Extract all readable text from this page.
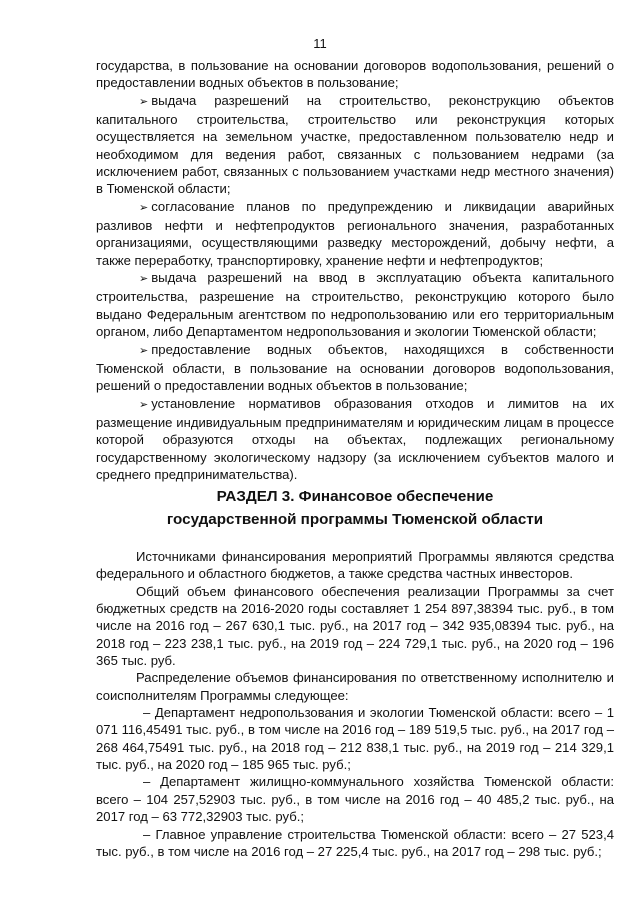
11

государства, в пользование на основании договоров водопользования, решений о предоставлении водных объектов в пользование;

➢ выдача разрешений на строительство, реконструкцию объектов капитального строительства, строительство или реконструкция которых осуществляется на земельном участке, предоставленном пользователю недр и необходимом для ведения работ, связанных с пользованием недрами (за исключением работ, связанных с пользованием участками недр местного значения) в Тюменской области;

➢ согласование планов по предупреждению и ликвидации аварийных разливов нефти и нефтепродуктов регионального значения, разработанных организациями, осуществляющими разведку месторождений, добычу нефти, а также переработку, транспортировку, хранение нефти и нефтепродуктов;

➢ выдача разрешений на ввод в эксплуатацию объекта капитального строительства, разрешение на строительство, реконструкцию которого было выдано Федеральным агентством по недропользованию или его территориальным органом, либо Департаментом недропользования и экологии Тюменской области;

➢ предоставление водных объектов, находящихся в собственности Тюменской области, в пользование на основании договоров водопользования, решений о предоставлении водных объектов в пользование;

➢ установление нормативов образования отходов и лимитов на их размещение индивидуальным предпринимателям и юридическим лицам в процессе которой образуются отходы на объектах, подлежащих региональному государственному экологическому надзору (за исключением субъектов малого и среднего предпринимательства).

РАЗДЕЛ 3. Финансовое обеспечение

государственной программы Тюменской области

Источниками финансирования мероприятий Программы являются средства федерального и областного бюджетов, а также средства частных инвесторов.

Общий объем финансового обеспечения реализации Программы за счет бюджетных средств на 2016-2020 годы составляет 1 254 897,38394 тыс. руб., в том числе на 2016 год – 267 630,1 тыс. руб., на 2017 год – 342 935,08394 тыс. руб., на 2018 год – 223 238,1 тыс. руб., на 2019 год – 224 729,1 тыс. руб., на 2020 год – 196 365 тыс. руб.

Распределение объемов финансирования по ответственному исполнителю и соисполнителям Программы следующее:

– Департамент недропользования и экологии Тюменской области: всего – 1 071 116,45491 тыс. руб., в том числе на 2016 год – 189 519,5 тыс. руб., на 2017 год – 268 464,75491 тыс. руб., на 2018 год – 212 838,1 тыс. руб., на 2019 год – 214 329,1 тыс. руб., на 2020 год – 185 965 тыс. руб.;

– Департамент жилищно-коммунального хозяйства Тюменской области: всего – 104 257,52903 тыс. руб., в том числе на 2016 год – 40 485,2 тыс. руб., на 2017 год – 63 772,32903 тыс. руб.;

– Главное управление строительства Тюменской области: всего – 27 523,4 тыс. руб., в том числе на 2016 год – 27 225,4 тыс. руб., на 2017 год – 298 тыс. руб.;
